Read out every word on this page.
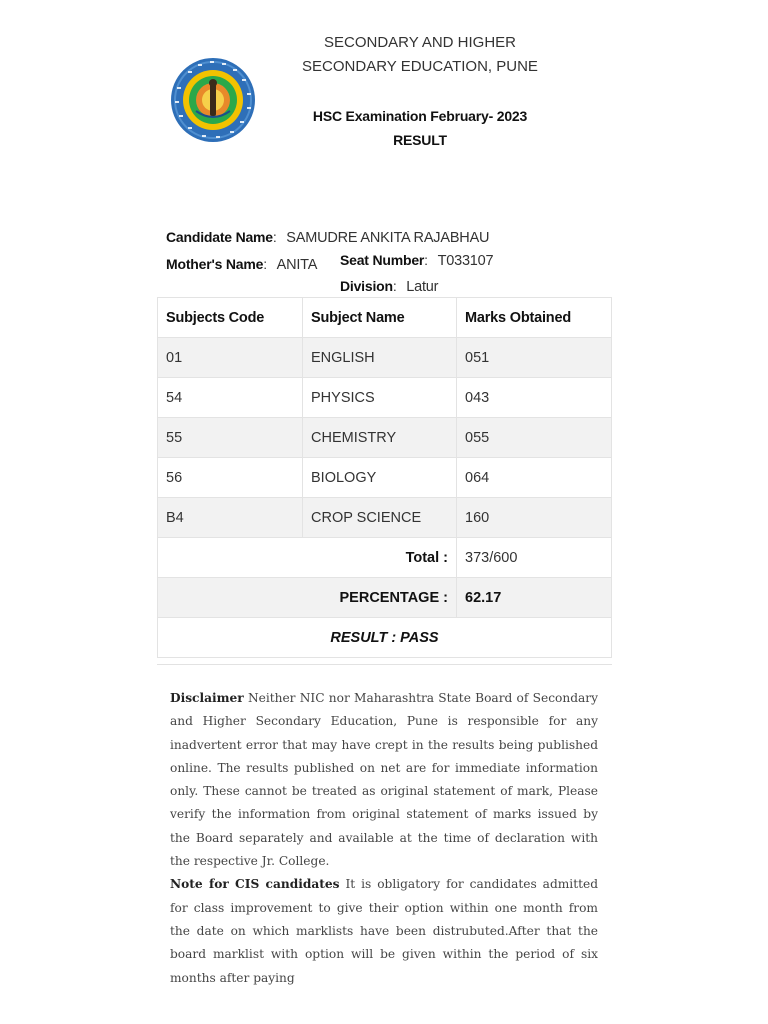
SECONDARY AND HIGHER
SECONDARY EDUCATION, PUNE
HSC Examination February- 2023
RESULT
Candidate Name: SAMUDRE ANKITA RAJABHAU
Mother's Name: ANITA Seat Number: T033107
Division: Latur
Subjects Code	Subject Name	Marks Obtained
01	ENGLISH	051
54	PHYSICS	043
55	CHEMISTRY	055
56	BIOLOGY	064
B4	CROP SCIENCE	160
Total :		373/600
PERCENTAGE :		62.17
RESULT : PASS		

Disclaimer Neither NIC nor Maharashtra State Board of Secondary and Higher Secondary Education, Pune is responsible for any inadvertent error that may have crept in the results being published online. The results published on net are for immediate information only. These cannot be treated as original statement of mark, Please verify the information from original statement of marks issued by the Board separately and available at the time of declaration with the respective Jr. College.

Note for CIS candidates It is obligatory for candidates admitted for class improvement to give their option within one month from the date on which marklists have been distrubuted.After that the board marklist with option will be given within the period of six months after paying
